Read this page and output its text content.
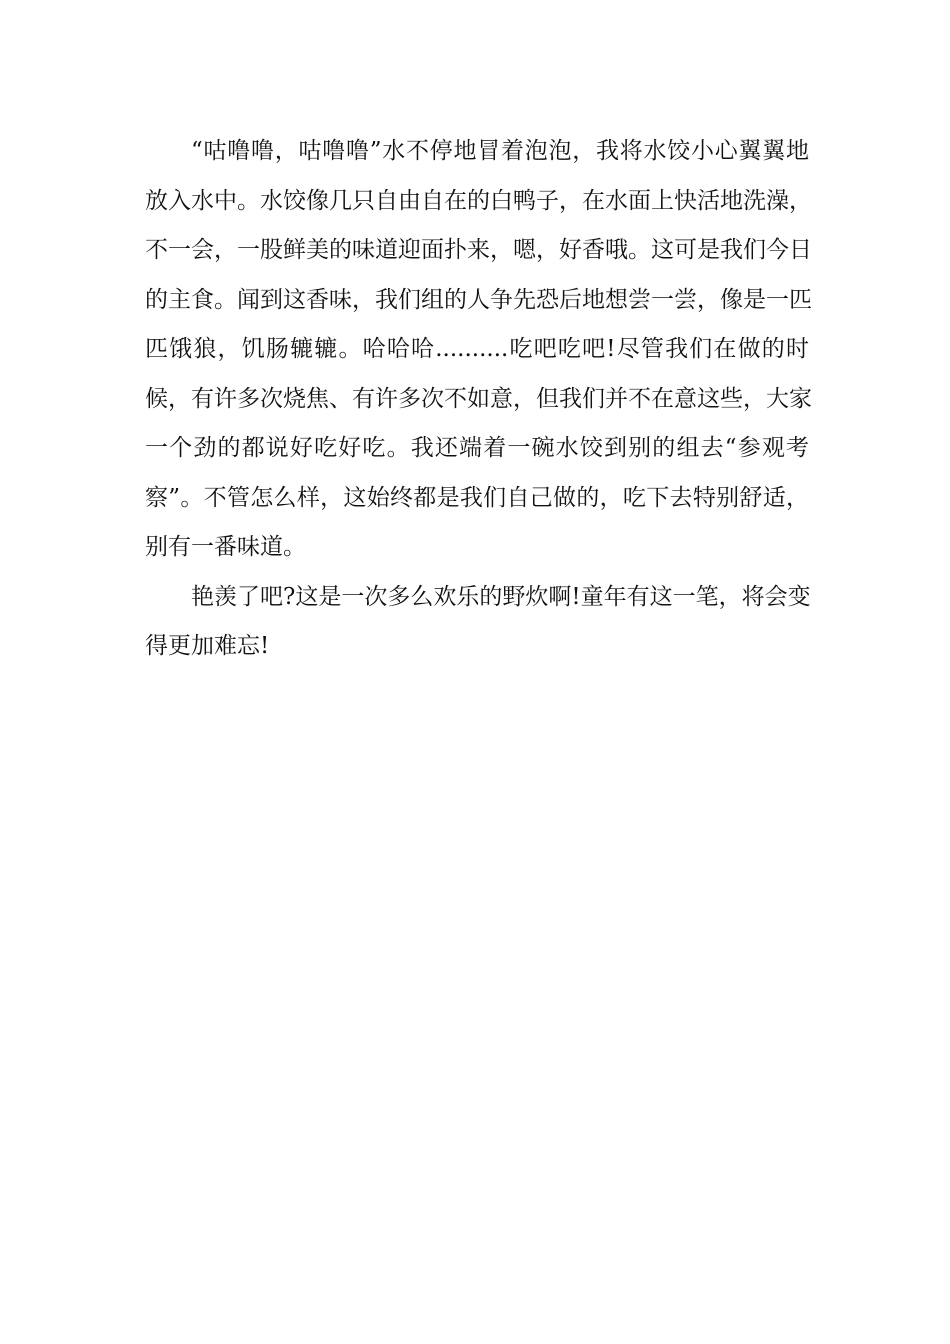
“咕噜噜，咕噜噜”水不停地冒着泡泡，我将水饺小心翼翼地
放入水中。水饺像几只自由自在的白鸭子，在水面上快活地洗澡，
不一会，一股鲜美的味道迎面扑来，嗯，好香哦。这可是我们今日
的主食。闻到这香味，我们组的人争先恐后地想尝一尝，像是一匹
匹饿狼，饥肠辘辘。哈哈哈..........吃吧吃吧!尽管我们在做的时
候，有许多次烧焦、有许多次不如意，但我们并不在意这些，大家
一个劲的都说好吃好吃。我还端着一碗水饺到别的组去“参观考
察”。不管怎么样，这始终都是我们自己做的，吃下去特别舒适，
别有一番味道。
艳羡了吧?这是一次多么欢乐的野炊啊!童年有这一笔，将会变
得更加难忘!
